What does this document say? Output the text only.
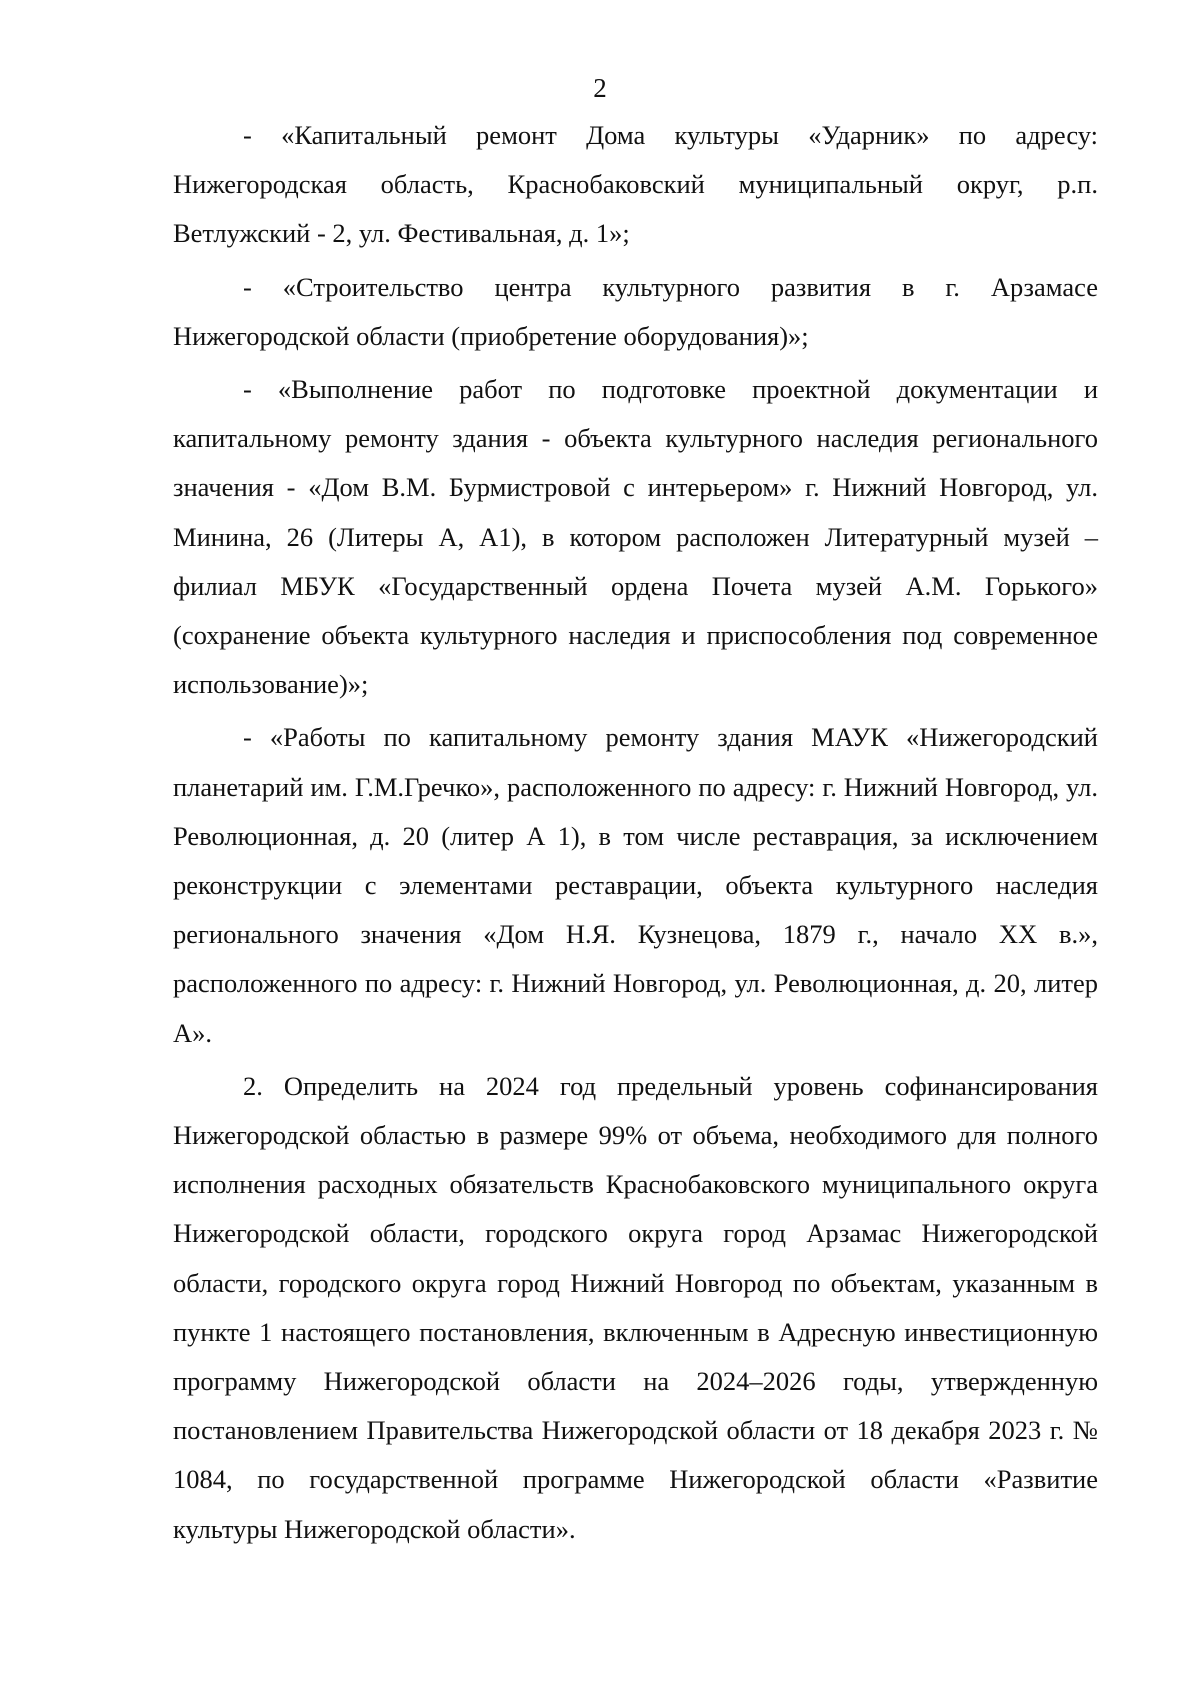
2

- «Капитальный ремонт Дома культуры «Ударник» по адресу: Нижегородская область, Краснобаковский муниципальный округ, р.п. Ветлужский - 2, ул. Фестивальная, д. 1»;

- «Строительство центра культурного развития в г. Арзамасе Нижегородской области (приобретение оборудования)»;

- «Выполнение работ по подготовке проектной документации и капитальному ремонту здания - объекта культурного наследия регионального значения - «Дом В.М. Бурмистровой с интерьером» г. Нижний Новгород, ул. Минина, 26 (Литеры А, А1), в котором расположен Литературный музей – филиал МБУК «Государственный ордена Почета музей А.М. Горького» (сохранение объекта культурного наследия и приспособления под современное использование)»;

- «Работы по капитальному ремонту здания МАУК «Нижегородский планетарий им. Г.М.Гречко», расположенного по адресу: г. Нижний Новгород, ул. Революционная, д. 20 (литер А 1), в том числе реставрация, за исключением реконструкции с элементами реставрации, объекта культурного наследия регионального значения «Дом Н.Я. Кузнецова, 1879 г., начало XX в.», расположенного по адресу: г. Нижний Новгород, ул. Революционная, д. 20, литер А».

2. Определить на 2024 год предельный уровень софинансирования Нижегородской областью в размере 99% от объема, необходимого для полного исполнения расходных обязательств Краснобаковского муниципального округа Нижегородской области, городского округа город Арзамас Нижегородской области, городского округа город Нижний Новгород по объектам, указанным в пункте 1 настоящего постановления, включенным в Адресную инвестиционную программу Нижегородской области на 2024–2026 годы, утвержденную постановлением Правительства Нижегородской области от 18 декабря 2023 г. № 1084, по государственной программе Нижегородской области «Развитие культуры Нижегородской области».
